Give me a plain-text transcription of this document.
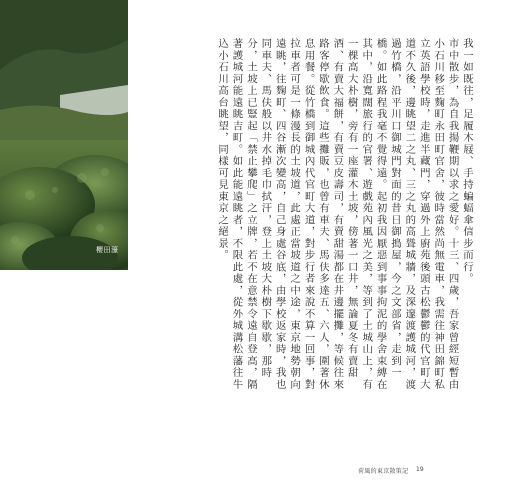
櫻田濠	我一如既往，足履木屐、手持蝙蝠傘信步而行。

市中散步，為自我揚鞭期以求之愛好。十三、四歲，吾家曾經短暫由小石川移至麴町永田町官舍，彼時當然尚無電車，我需往神田錦町私立英語學校時，走進半藏門，穿過外上廚苑後頭古松鬱鬱的代官町大道不久後，邊眺望二之丸、三之丸的高聳城牆，及深邃渡護城河，渡過竹橋，沿平川口御城門對面的昔日御搗屋，今之文部省，走到一橋。如此路程我毫不覺得遠。起初我因厭惡到事事拘泥的學舍束縛在其中，沿寬闊旅行的官署、遊戲苑內風光之美，等到了土城山上，有一棵高大朴樹，旁有一座灌木土坡，傍著一口井，無論夏冬有賣甜酒、有賣大福餅，有賣豆皮壽司，有賣甜湯都在井邊擺攤，等候往來路客停歇飲食。這些攤販，也曾有車夫、馬伕多達五、六人，圍著休息用餐。從竹橋到御城內代官町大道，對步行者來說不算一回事，對拉車者可是一條漫長的土坡道，此處正當坡道之中途，東京地勢朝向遠眺，往麴町、四谷漸次變高，自己身處谷底，由學校返家時，我也同車夫、馬伕般以井水掉毛巾拭汗，登上土坡大朴樹下歇歇，那時分，土坡上已豎起「禁止攀爬」之立牌，若不在意禁令遠自登高，隔著護城河能遠眺吉町。如此能遠眺者，不限此處，從外城溝松藩往牛込小石川高台眺望，同樣可見東京之絕景。

荷風的東京散策記 19
